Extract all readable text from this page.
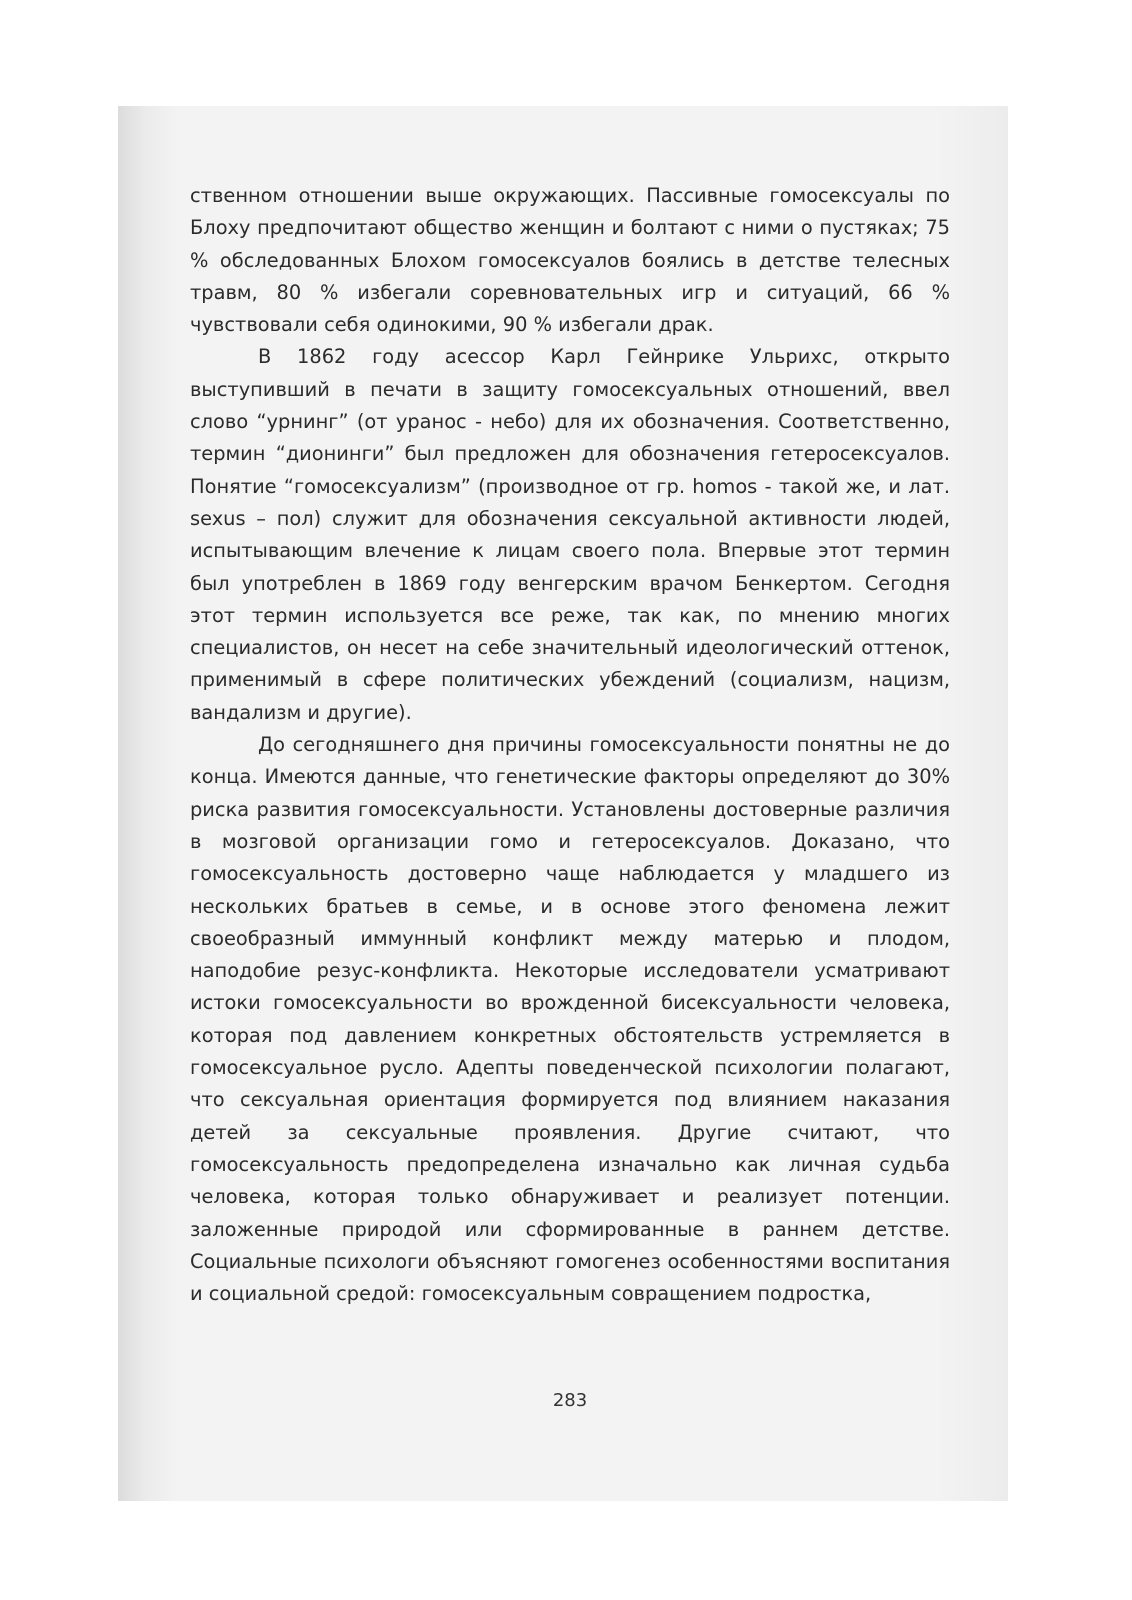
ственном отношении выше окружающих. Пассивные гомосексуалы по Блоху предпочитают общество женщин и болтают с ними о пустяках; 75 % обследованных Блохом гомосексуалов боялись в детстве телесных травм, 80 % избегали соревновательных игр и ситуаций, 66 % чувствовали себя одинокими, 90 % избегали драк.

В 1862 году асессор Карл Гейнрике Ульрихс, открыто выступивший в печати в защиту гомосексуальных отношений, ввел слово “урнинг” (от уранос - небо) для их обозначения. Соответственно, термин “дионинги” был предложен для обозначения гетеросексуалов. Понятие “гомосексуализм” (производное от гр. homos - такой же, и лат. sexus – пол) служит для обозначения сексуальной активности людей, испытывающим влечение к лицам своего пола. Впервые этот термин был употреблен в 1869 году венгерским врачом Бенкертом. Сегодня этот термин используется все реже, так как, по мнению многих специалистов, он несет на себе значительный идеологический оттенок, применимый в сфере политических убеждений (социализм, нацизм, вандализм и другие).

До сегодняшнего дня причины гомосексуальности понятны не до конца. Имеются данные, что генетические факторы определяют до 30% риска развития гомосексуальности. Установлены достоверные различия в мозговой организации гомо и гетеросексуалов. Доказано, что гомосексуальность достоверно чаще наблюдается у младшего из нескольких братьев в семье, и в основе этого феномена лежит своеобразный иммунный конфликт между матерью и плодом, наподобие резус-конфликта. Некоторые исследователи усматривают истоки гомосексуальности во врожденной бисексуальности человека, которая под давлением конкретных обстоятельств устремляется в гомосексуальное русло. Адепты поведенческой психологии полагают, что сексуальная ориентация формируется под влиянием наказания детей за сексуальные проявления. Другие считают, что гомосексуальность предопределена изначально как личная судьба человека, которая только обнаруживает и реализует потенции. заложенные природой или сформированные в раннем детстве. Социальные психологи объясняют гомогенез особенностями воспитания и социальной средой: гомосексуальным совращением подростка,

283
